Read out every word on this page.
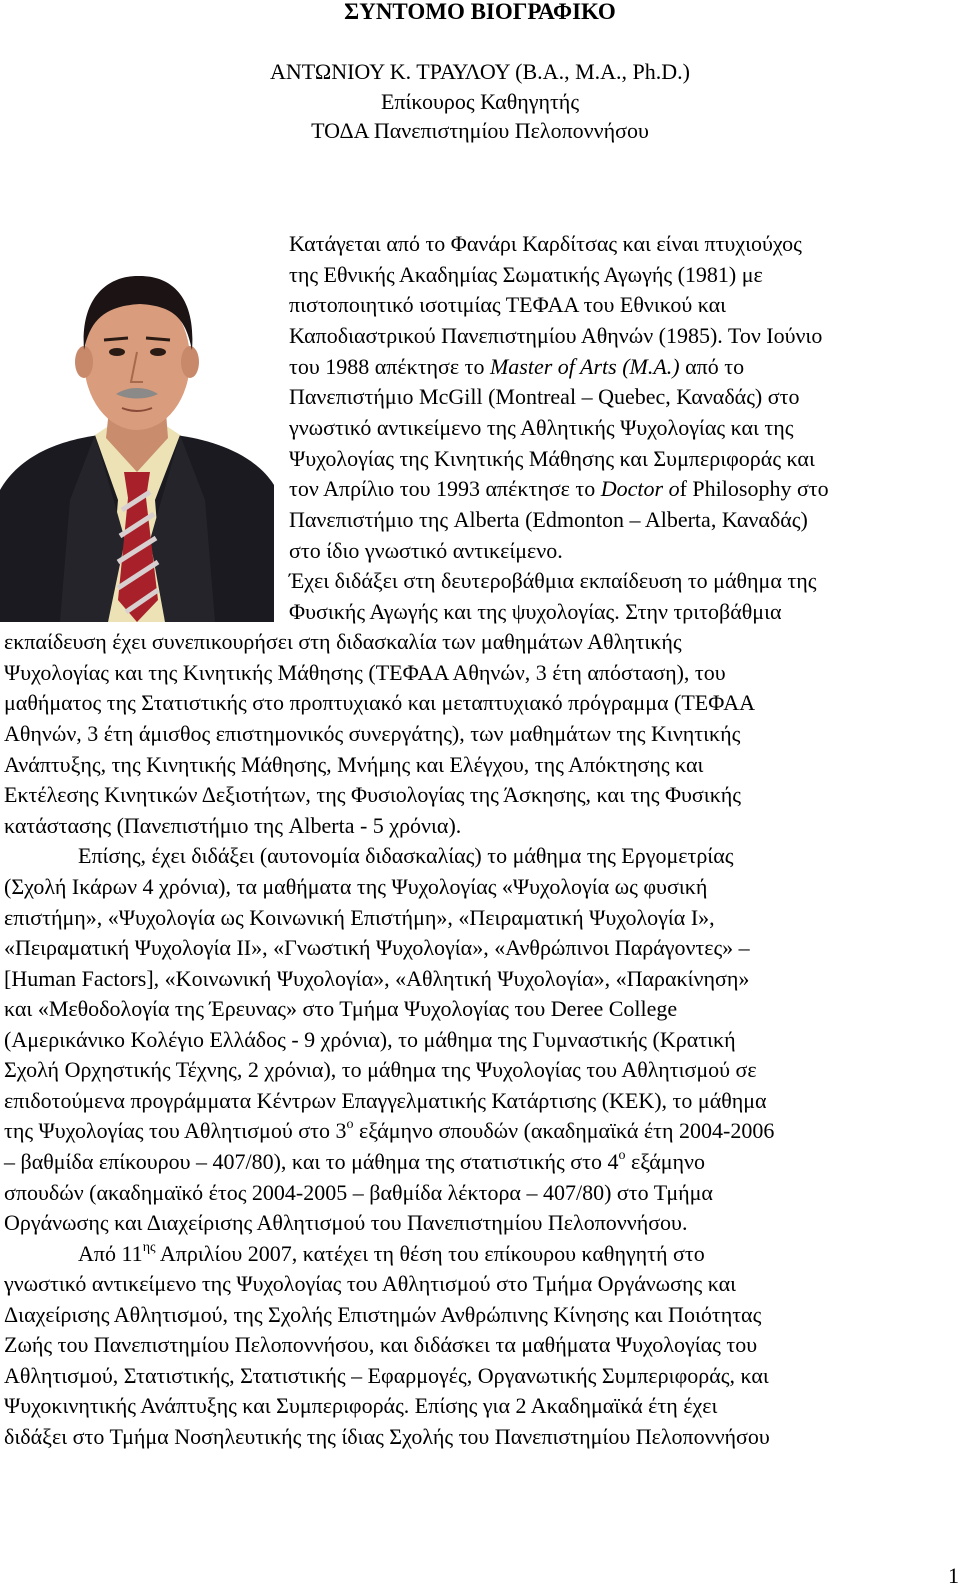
ΣΥΝΤΟΜΟ ΒΙΟΓΡΑΦΙΚΟ
ΑΝΤΩΝΙΟΥ Κ. ΤΡΑΥΛΟΥ (B.A., M.A., Ph.D.)
Επίκουρος Καθηγητής
ΤΟΔΑ Πανεπιστημίου Πελοποννήσου
Κατάγεται από το Φανάρι Καρδίτσας και είναι πτυχιούχος
της Εθνικής Ακαδημίας Σωματικής Αγωγής (1981) με
πιστοποιητικό ισοτιμίας ΤΕΦΑΑ του Εθνικού και
Καποδιαστρικού Πανεπιστημίου Αθηνών (1985). Τον Ιούνιο
του 1988 απέκτησε το Master of Arts (M.A.) από το
Πανεπιστήμιο McGill (Montreal – Quebec, Καναδάς) στο
γνωστικό αντικείμενο της Αθλητικής Ψυχολογίας και της
Ψυχολογίας της Κινητικής Μάθησης και Συμπεριφοράς και
τον Απρίλιο του 1993 απέκτησε το Doctor of Philosophy στο
Πανεπιστήμιο της Alberta (Edmonton – Alberta, Καναδάς)
στο ίδιο γνωστικό αντικείμενο.
Έχει διδάξει στη δευτεροβάθμια εκπαίδευση το μάθημα της
Φυσικής Αγωγής και της ψυχολογίας. Στην τριτοβάθμια
εκπαίδευση έχει συνεπικουρήσει στη διδασκαλία των μαθημάτων Αθλητικής
Ψυχολογίας και της Κινητικής Μάθησης (ΤΕΦΑΑ Αθηνών, 3 έτη απόσταση), του
μαθήματος της Στατιστικής στο προπτυχιακό και μεταπτυχιακό πρόγραμμα (ΤΕΦΑΑ
Αθηνών, 3 έτη άμισθος επιστημονικός συνεργάτης), των μαθημάτων της Κινητικής
Ανάπτυξης, της Κινητικής Μάθησης, Μνήμης και Ελέγχου, της Απόκτησης και
Εκτέλεσης Κινητικών Δεξιοτήτων, της Φυσιολογίας της Άσκησης, και της Φυσικής
κατάστασης (Πανεπιστήμιο της Alberta - 5 χρόνια).
Επίσης, έχει διδάξει (αυτονομία διδασκαλίας) το μάθημα της Εργομετρίας
(Σχολή Ικάρων 4 χρόνια), τα μαθήματα της Ψυχολογίας «Ψυχολογία ως φυσική
επιστήμη», «Ψυχολογία ως Κοινωνική Επιστήμη», «Πειραματική Ψυχολογία Ι»,
«Πειραματική Ψυχολογία ΙΙ», «Γνωστική Ψυχολογία», «Ανθρώπινοι Παράγοντες» –
[Human Factors], «Κοινωνική Ψυχολογία», «Αθλητική Ψυχολογία», «Παρακίνηση»
και «Μεθοδολογία της Έρευνας» στο Τμήμα Ψυχολογίας του Deree College
(Αμερικάνικο Κολέγιο Ελλάδος - 9 χρόνια), το μάθημα της Γυμναστικής (Κρατική
Σχολή Ορχηστικής Τέχνης, 2 χρόνια), το μάθημα της Ψυχολογίας του Αθλητισμού σε
επιδοτούμενα προγράμματα Κέντρων Επαγγελματικής Κατάρτισης (ΚΕΚ), το μάθημα
της Ψυχολογίας του Αθλητισμού στο $3^o$ εξάμηνο σπουδών (ακαδημαϊκά έτη 2004-2006
– βαθμίδα επίκουρου – 407/80), και το μάθημα της στατιστικής στο $4^o$ εξάμηνο
σπουδών (ακαδημαϊκό έτος 2004-2005 – βαθμίδα λέκτορα – 407/80) στο Τμήμα
Οργάνωσης και Διαχείρισης Αθλητισμού του Πανεπιστημίου Πελοποννήσου.
Από $11^{\eta\varsigma}$ Απριλίου 2007, κατέχει τη θέση του επίκουρου καθηγητή στο
γνωστικό αντικείμενο της Ψυχολογίας του Αθλητισμού στο Τμήμα Οργάνωσης και
Διαχείρισης Αθλητισμού, της Σχολής Επιστημών Ανθρώπινης Κίνησης και Ποιότητας
Ζωής του Πανεπιστημίου Πελοποννήσου, και διδάσκει τα μαθήματα Ψυχολογίας του
Αθλητισμού, Στατιστικής, Στατιστικής – Εφαρμογές, Οργανωτικής Συμπεριφοράς, και
Ψυχοκινητικής Ανάπτυξης και Συμπεριφοράς. Επίσης για 2 Ακαδημαϊκά έτη έχει
διδάξει στο Τμήμα Νοσηλευτικής της ίδιας Σχολής του Πανεπιστημίου Πελοποννήσου
1
